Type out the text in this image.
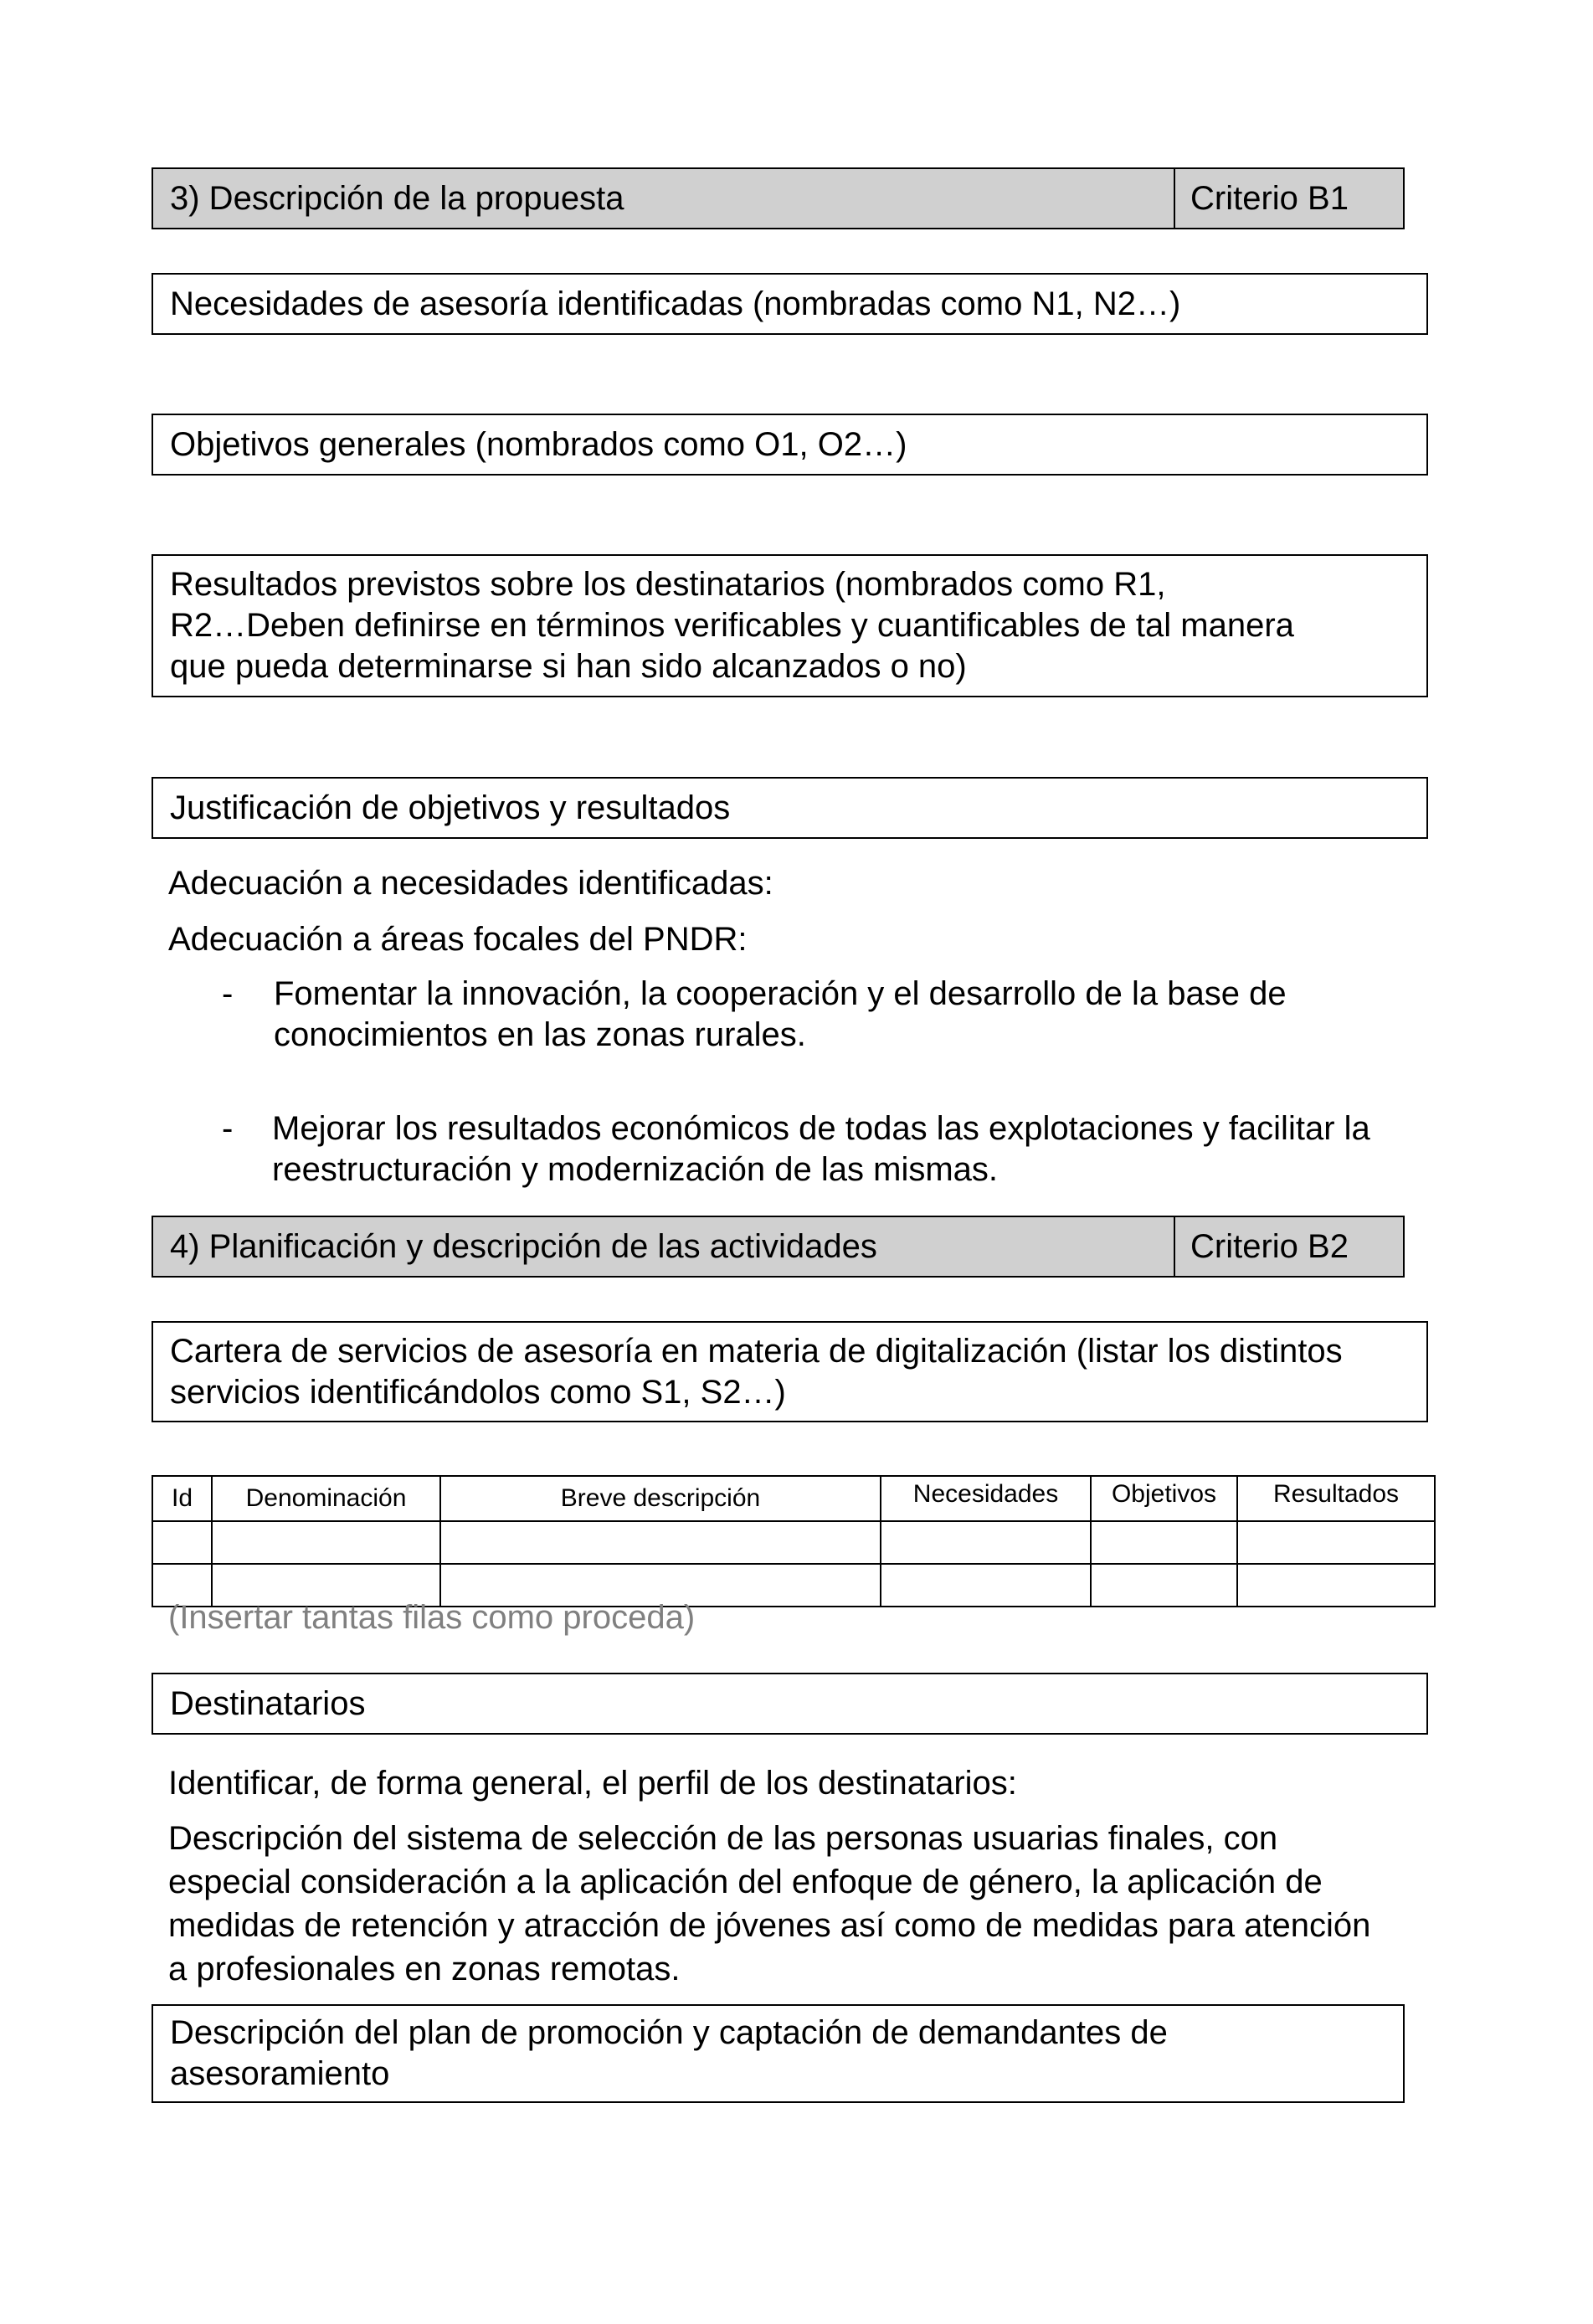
3) Descripción de la propuesta	Criterio B1
Necesidades de asesoría identificadas (nombradas como N1, N2…)
Objetivos generales (nombrados como O1, O2…)
Resultados previstos sobre los destinatarios (nombrados como R1,
R2…Deben definirse en términos verificables y cuantificables de tal manera
que pueda determinarse si han sido alcanzados o no)
Justificación de objetivos y resultados
Adecuación a necesidades identificadas:
Adecuación a áreas focales del PNDR:
- Fomentar la innovación, la cooperación y el desarrollo de la base de
conocimientos en las zonas rurales.
- Mejorar los resultados económicos de todas las explotaciones y facilitar la
reestructuración y modernización de las mismas.
4) Planificación y descripción de las actividades	Criterio B2
Cartera de servicios de asesoría en materia de digitalización (listar los distintos
servicios identificándolos como S1, S2…)
Id	Denominación	Breve descripción	Necesidades	Objetivos	Resultados

(Insertar tantas filas como proceda)
Destinatarios
Identificar, de forma general, el perfil de los destinatarios:
Descripción del sistema de selección de las personas usuarias finales, con
especial consideración a la aplicación del enfoque de género, la aplicación de
medidas de retención y atracción de jóvenes así como de medidas para atención
a profesionales en zonas remotas.
Descripción del plan de promoción y captación de demandantes de
asesoramiento
